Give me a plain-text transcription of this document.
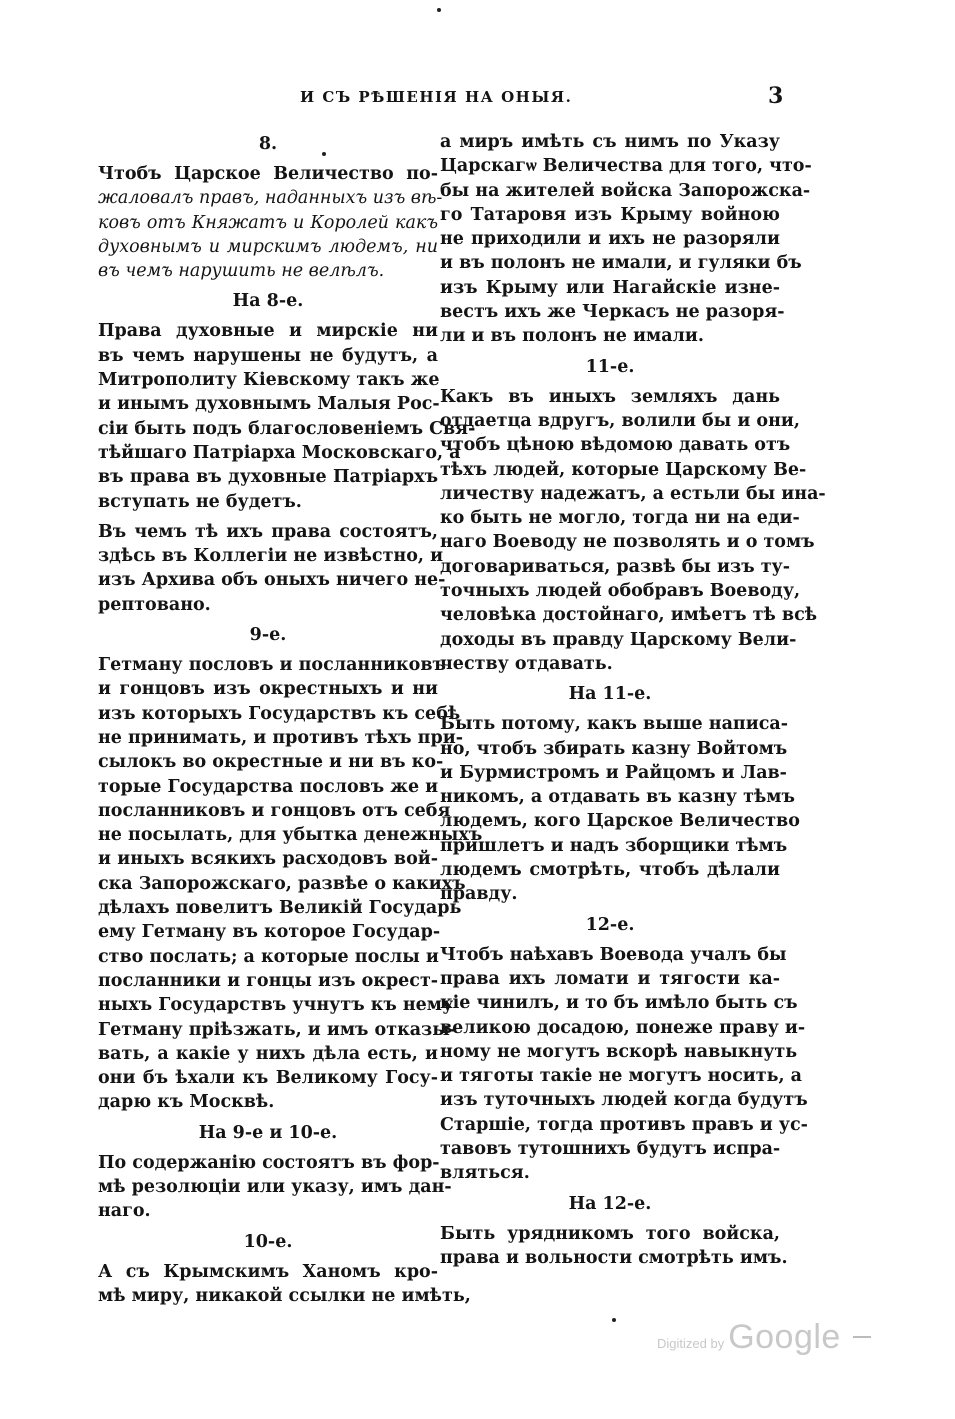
И СЪ РѢШЕНІЯ НА ОНЫЯ.	3
8.
Чтобъ Царское Величество по-
жаловалъ правъ, наданныхъ изъ вѣ-
ковъ отъ Княжатъ и Королей какъ
духовнымъ и мирскимъ людемъ, ни
въ чемъ нарушить не велѣлъ.
На 8-е.
Права духовные и мирскіе ни
въ чемъ нарушены не будутъ, а
Митрополиту Кіевскому такъ же
и инымъ духовнымъ Малыя Рос-
сіи быть подъ благословеніемъ Свя-
тѣйшаго Патріарха Московскаго, а
въ права въ духовные Патріархъ
вступать не будетъ.
Въ чемъ тѣ ихъ права состоятъ,
здѣсь въ Коллегіи не извѣстно, и
изъ Архива объ оныхъ ничего не-
рептовано.
9-е.
Гетману пословъ и посланниковъ
и гонцовъ изъ окрестныхъ и ни
изъ которыхъ Государствъ къ себѣ
не принимать, и противъ тѣхъ при-
сылокъ во окрестные и ни въ ко-
торые Государства пословъ же и
посланниковъ и гонцовъ отъ себя
не посылать, для убытка денежныхъ
и иныхъ всякихъ расходовъ вой-
ска Запорожскаго, развѣе о какихъ
дѣлахъ повелитъ Великій Государь
ему Гетману въ которое Государ-
ство послать; а которые послы и
посланники и гонцы изъ окрест-
ныхъ Государствъ учнутъ къ нему
Гетману пріѣзжать, и имъ отказы-
вать, а какіе у нихъ дѣла есть, и
они бъ ѣхали къ Великому Госу-
дарю къ Москвѣ.
На 9-е и 10-е.
По содержанію состоятъ въ фор-
мѣ резолюціи или указу, имъ дан-
наго.
10-е.
А съ Крымскимъ Ханомъ кро-
мѣ миру, никакой ссылки не имѣть,
а миръ имѣть съ нимъ по Указу
Царскагѡ Величества для того, что-
бы на жителей войска Запорожска-
го Татаровя изъ Крыму войною
не приходили и ихъ не разоряли
и въ полонъ не имали, и гуляки бъ
изъ Крыму или Нагайскіе изне-
вестъ ихъ же Черкасъ не разоря-
ли и въ полонъ не имали.
11-е.
Какъ въ иныхъ земляхъ дань
отдаетца вдругъ, волили бы и они,
чтобъ цѣною вѣдомою давать отъ
тѣхъ людей, которые Царскому Ве-
личеству надежатъ, а естьли бы ина-
ко быть не могло, тогда ни на еди-
наго Воеводу не позволять и о томъ
договариваться, развѣ бы изъ ту-
точныхъ людей обобравъ Воеводу,
человѣка достойнаго, имѣетъ тѣ всѣ
доходы въ правду Царскому Вели-
честву отдавать.
На 11-е.
Быть потому, какъ выше написа-
но, чтобъ збирать казну Войтомъ
и Бурмистромъ и Райцомъ и Лав-
никомъ, а отдавать въ казну тѣмъ
людемъ, кого Царское Величество
пришлетъ и надъ зборщики тѣмъ
людемъ смотрѣть, чтобъ дѣлали
правду.
12-е.
Чтобъ наѣхавъ Воевода учалъ бы
права ихъ ломати и тягости ка-
кіе чинилъ, и то бъ имѣло быть съ
великою досадою, понеже праву и-
ному не могутъ вскорѣ навыкнуть
и тяготы такіе не могутъ носить, а
изъ туточныхъ людей когда будутъ
Старшіе, тогда противъ правъ и ус-
тавовъ тутошнихъ будутъ испра-
вляться.
На 12-е.
Быть урядникомъ того войска,
права и вольности смотрѣть имъ.
Digitized by Google
